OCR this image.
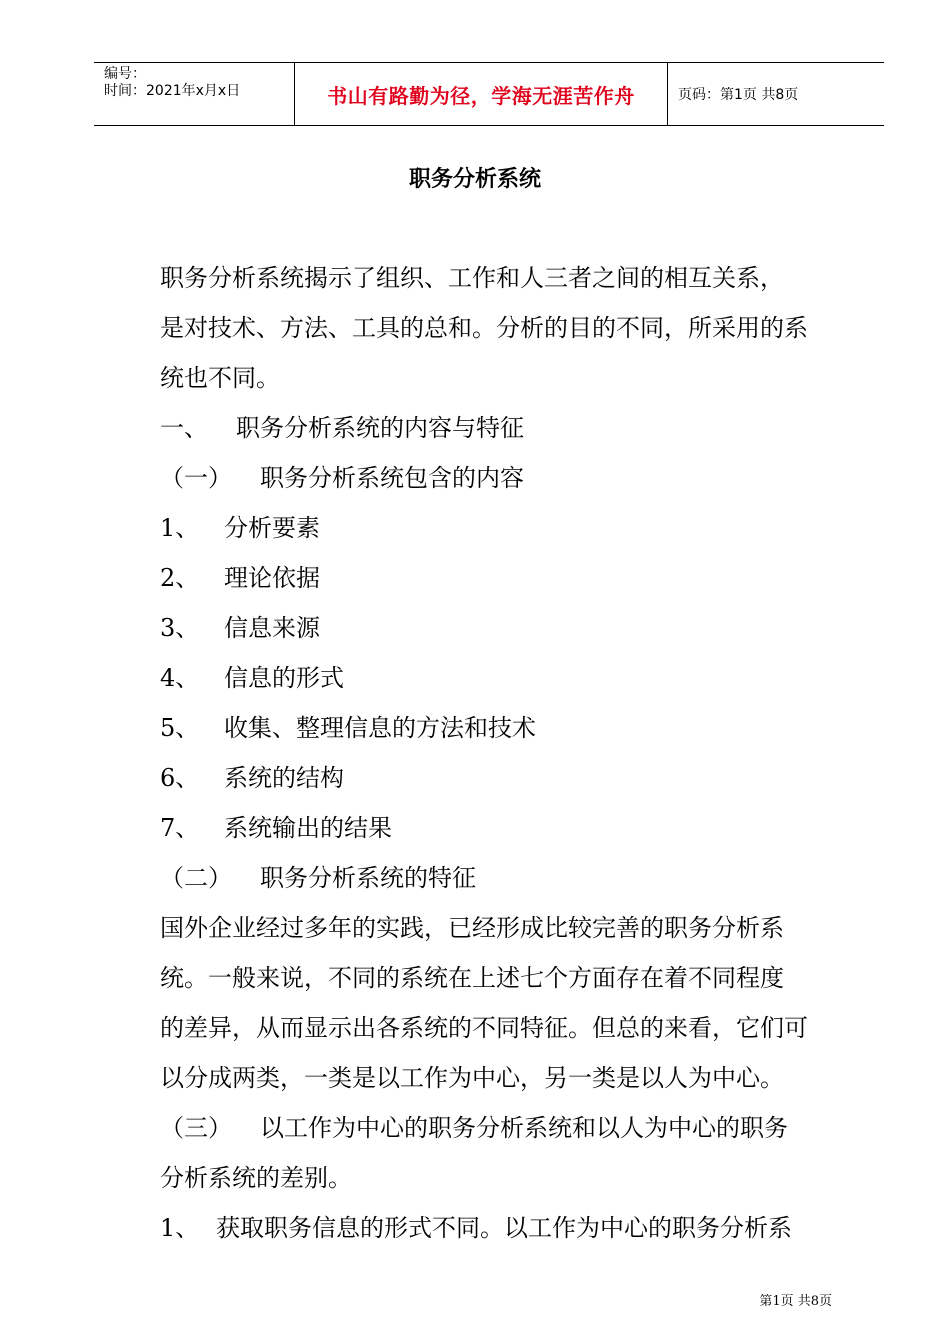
编号：
时间：2021年x月x日	书山有路勤为径，学海无涯苦作舟	页码：第1页 共8页
职务分析系统
职务分析系统揭示了组织、工作和人三者之间的相互关系，
是对技术、方法、工具的总和。分析的目的不同，所采用的系
统也不同。
一、 职务分析系统的内容与特征
（一） 职务分析系统包含的内容
1、 分析要素
2、 理论依据
3、 信息来源
4、 信息的形式
5、 收集、整理信息的方法和技术
6、 系统的结构
7、 系统输出的结果
（二） 职务分析系统的特征
国外企业经过多年的实践，已经形成比较完善的职务分析系
统。一般来说，不同的系统在上述七个方面存在着不同程度
的差异，从而显示出各系统的不同特征。但总的来看，它们可
以分成两类，一类是以工作为中心，另一类是以人为中心。
（三） 以工作为中心的职务分析系统和以人为中心的职务
分析系统的差别。
1、 获取职务信息的形式不同。以工作为中心的职务分析系
第1页 共8页
